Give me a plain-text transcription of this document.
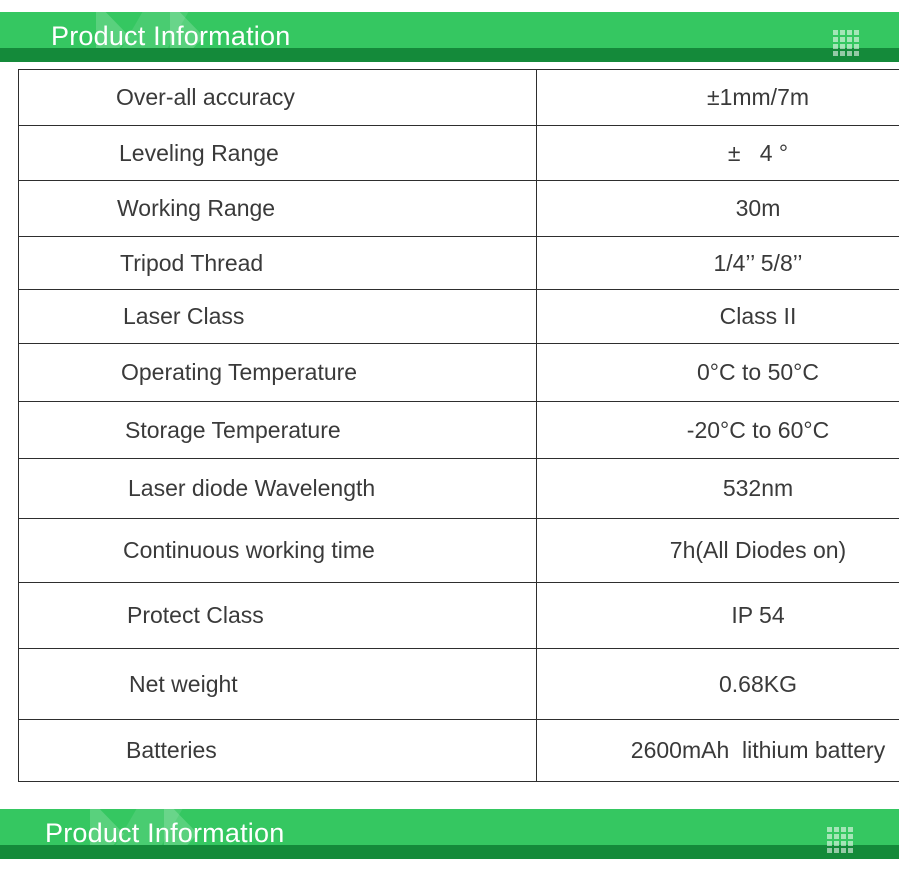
Product Information
Over-all accuracy	±1mm/7m
Leveling Range	±   4 °
Working Range	30m
Tripod Thread	1/4’’ 5/8’’
Laser Class	Class II
Operating Temperature	0°C to 50°C
Storage Temperature	-20°C to 60°C
Laser diode Wavelength	532nm
Continuous working time	7h(All Diodes on)
Protect Class	IP 54
Net weight	0.68KG
Batteries	2600mAh  lithium battery
Product Information
